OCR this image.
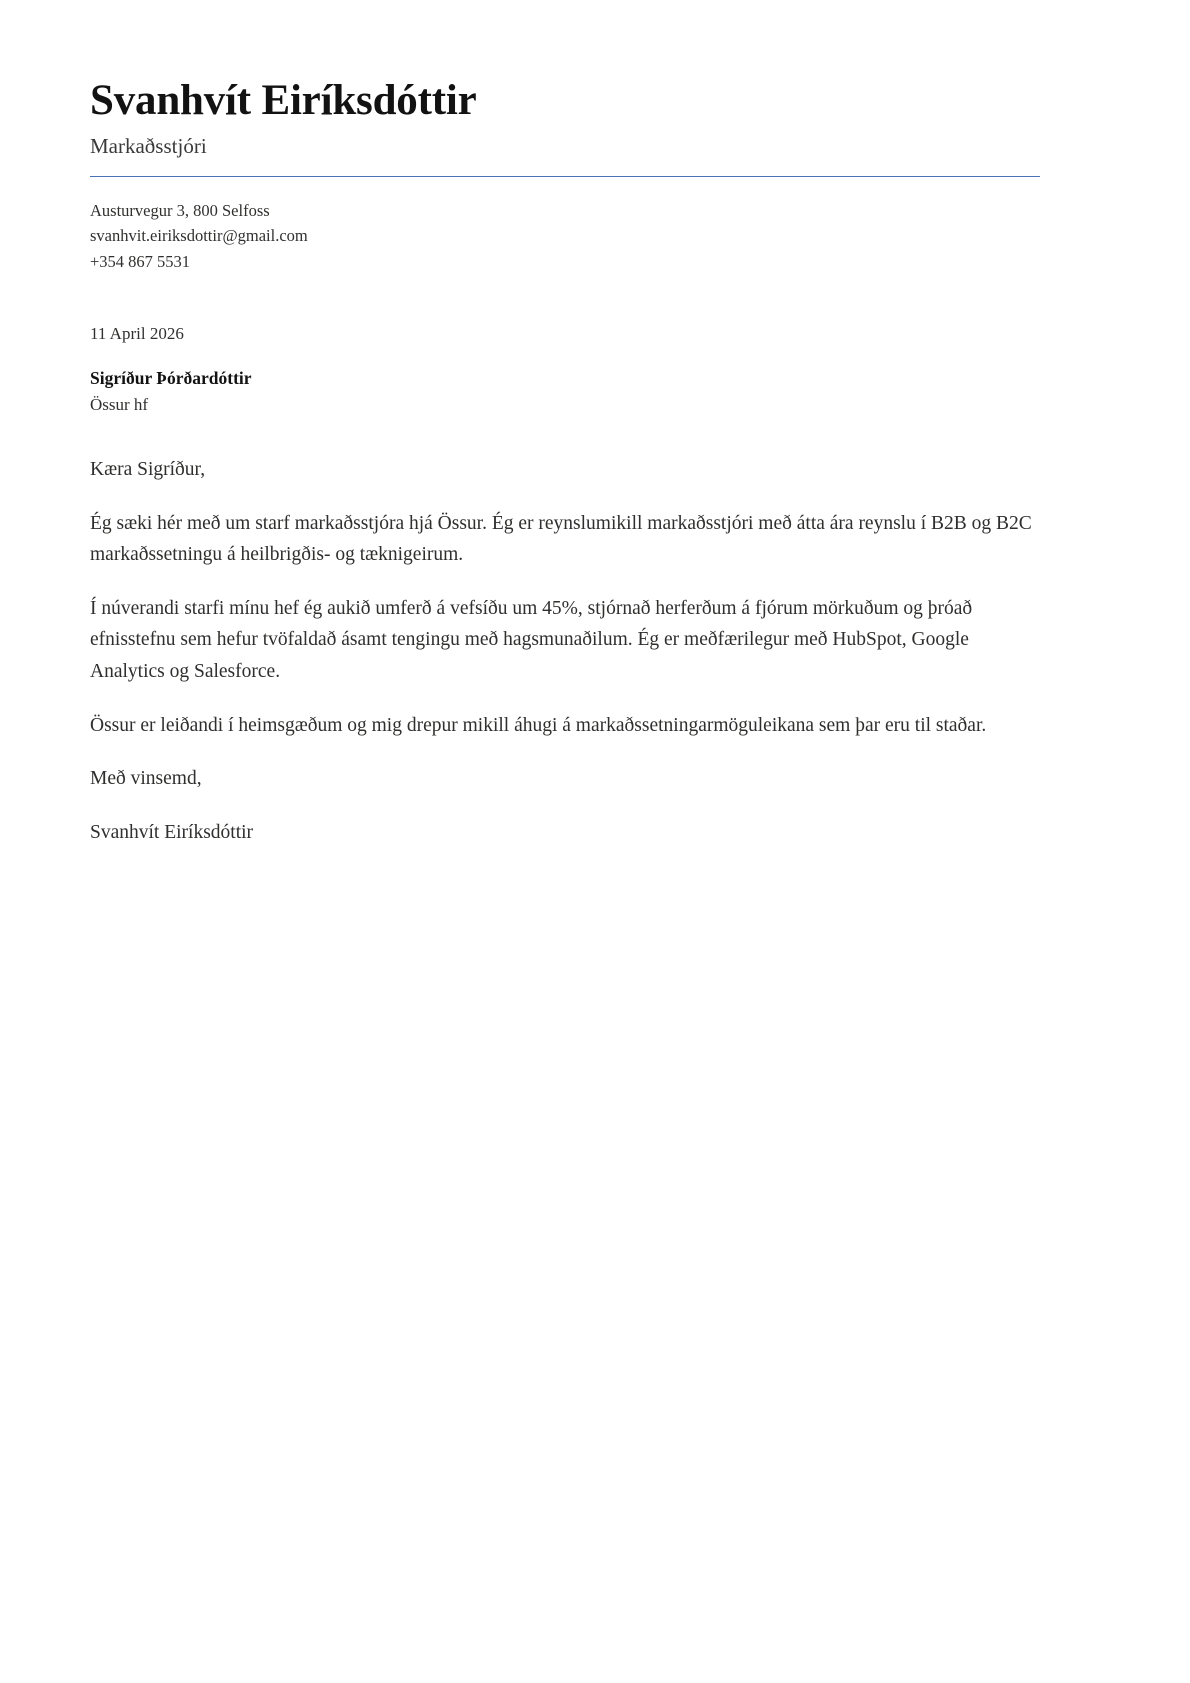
Svanhvít Eiríksdóttir
Markaðsstjóri
Austurvegur 3, 800 Selfoss
svanhvit.eiriksdottir@gmail.com
+354 867 5531
11 April 2026
Sigríður Þórðardóttir
Össur hf

Kæra Sigríður,

Ég sæki hér með um starf markaðsstjóra hjá Össur. Ég er reynslumikill markaðsstjóri með átta ára reynslu í B2B og B2C markaðssetningu á heilbrigðis- og tæknigeirum.

Í núverandi starfi mínu hef ég aukið umferð á vefsíðu um 45%, stjórnað herferðum á fjórum mörkuðum og þróað efnisstefnu sem hefur tvöfaldað ásamt tengingu með hagsmunaðilum. Ég er meðfærilegur með HubSpot, Google Analytics og Salesforce.

Össur er leiðandi í heimsgæðum og mig drepur mikill áhugi á markaðssetningarmöguleikana sem þar eru til staðar.

Með vinsemd,

Svanhvít Eiríksdóttir
